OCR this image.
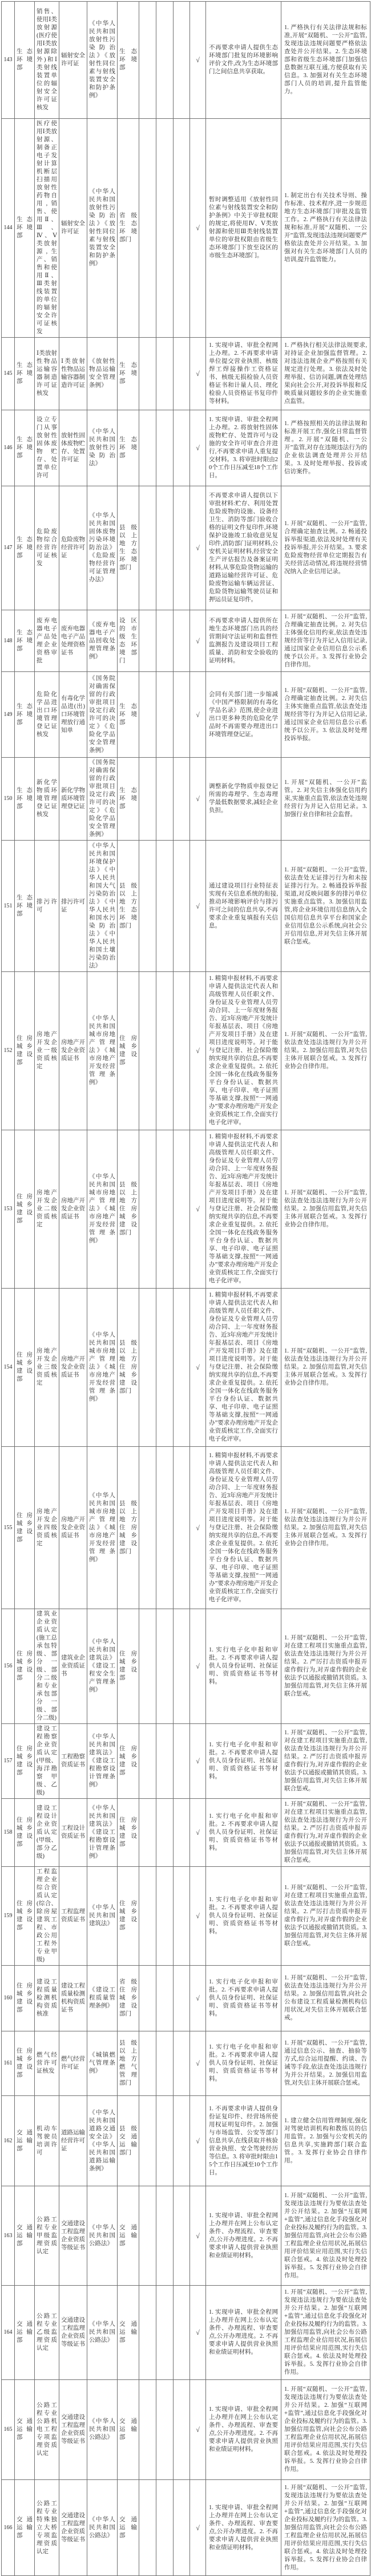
143	生态环境部	销售、使用Ⅰ类放射源(医疗使用Ⅰ类放射源除外)和Ⅰ类射线装置单位的辐射安全许可证核发	辐射安全许可证	《中华人民共和国放射性污染防治法》《放射性同位素与射线装置安全和防护条例》	生态环境部				√	不再要求申请人提供生态环境部门批复的环境影响评价文件,改为生态环境部门之间信息共享获取。	1. 严格执行有关法律法规和标准,开展“双随机、一公开”监管,发现违法违规问题要严格依法查处并公开结果。2. 生态环境部和省级生态环境部门加强信息数据互联互通,方便获取有关信息。3. 加强对有关生态环境部门人员的培训,提升监管能力。
144	生态环境部	医疗使用Ⅰ类放射源、制备正电子发射计算机断层扫描用放射性药物自用,销售、使用Ⅱ、Ⅲ、Ⅳ、Ⅴ类放射源,生产、销售和使用Ⅱ、Ⅲ类射线装置的单位的辐射安全许可证核发	辐射安全许可证	《中华人民共和国放射性污染防治法》《放射性同位素与射线装置安全和防护条例》	省级生态环境部门				√	暂时调整适用《放射性同位素与射线装置安全和防护条例》中关于审批权限的规定,将使用Ⅳ、Ⅴ类放射源和使用Ⅲ类射线装置单位的审批权限由省级生态环境部门下放至设区的市级生态环境部门。	1. 制定出台有关技术导则、操作标准、技术程序,进一步规范地方生态环境部门审批及监管工作。2. 严格执行有关法律法规和标准,开展“双随机、一公开”监管,发现违法违规问题要严格依法查处并公开结果。3. 加强对有关生态环境部门人员的培训,提升监管能力。
145	生态环境部	Ⅰ类放射性物品运输容器制造许可证核发	Ⅰ类放射性物品运输容器制造许可证	《放射性物品运输安全管理条例》	生态环境部				√	1. 实现申请、审批全程网上办理。2. 不再要求申请单位提交营业执照、核级焊工焊接操作工资格证书、核级无损检验人员资格证书和计量人员、理化检验人员资格证书复印件等材料。	1. 严格执行相关法律法规要求,对持证企业加强监督管理。2. 对违法违规企业严格按照有关规定进行处理。3. 依法及时处理举报、信访问题,调查处理结果向社会公开,对投诉举报和反映质量问题较多的企业实施重点监管。
146	生态环境部	设立专门从事放射性固体废物贮存、处置单位许可	放射性固体废物贮存、处置许可证	《中华人民共和国放射性污染防治法》	生态环境部				√	1. 实现申请、审批全程网上办理。2. 将放射性固体废物贮存、处置许可与设施的安全许可审查合并进行,不再要求申请人重复提交材料。3. 将审批时限由20个工作日压减至18个工作日。	1. 严格按照相关的法律法规和标准开展工作,强化日常监督管理。2. 开展“双随机、一公开”监管,对存在违规违法行为的企业依法调查处理并公开结果。3. 及时处理举报、投诉或信访案件。
147	生态环境部	危险废物综合经营许可证核发	危险废物经营许可证	《中华人民共和国固体废物污染环境防治法》《危险废物经营许可证管理办法》	县级以上地方生态环境部门				√	不再要求申请人提供以下审批材料:贮存、利用处置危险废物的设施、设备经卫生、消防等部门验收合格的证明文件复印件,环境保护设施竣工验收意见复印件,消防部门证明材料,公安机关证明材料,经营安全生产评估报告及备案证明材料,从事危险货物运输的道路运输经营许可证、危险废物运输车辆运营证、危险货物运输驾驶员证和押运员证复印件。	1. 开展“双随机、一公开”监管,合理确定抽查比例。2. 畅通投诉举报渠道,依法及时处理有关投诉举报,并公开结果。3. 要求危险废物经营单位定期报告有关经营活动情况,将违规经营情况纳入企业信用记录。
148	生态环境部	废弃电器电子产品处理企业资格审批	废弃电器电子产品处理资格证书	《废弃电器电子产品回收处理管理条例》	设区的市级生态环境部门				√	不再要求申请人提供所在地生态环境部门出具的经营期间守法证明和监督性监测报告及建设项目工程质量、消防和安全验收的证明材料。	1. 开展“双随机、一公开”监管,合理确定抽查比例。2. 对失信主体强化信用约束,依法查处违规经营等行为并记入信用记录,通过国家企业信用信息公示系统予以公开。3. 发挥行业协会自律作用。
149	生态环境部	危险化学品进出口环境管理登记证核发	有毒化学品进(出)口环境管理放行通知单	《国务院对确需保留的行政审批项目设定行政许可的决定》《危险化学品安全管理条例》	生态环境部				√	会同有关部门进一步缩减《中国严格限制的有毒化学品名录》范围,使企业进出口更多种类的危险化学品时不再需要办理进出口环境管理登记证。	1. 开展“双随机、一公开”监管,合理确定抽查比例。2. 对失信主体实施重点监管,依法查处违规经营等行为并记入信用记录,通过国家企业信用信息公示系统予以公开。3. 依法及时处理投诉举报。
150	生态环境部	新化学物质环境管理登记证核发	新化学物质环境管理登记证	《国务院对确需保留的行政审批项目设定行政许可的决定》《危险化学品安全管理条例》	生态环境部				√	调整新化学物质申报登记所需的毒理学、生态毒理学最低数据要求,减轻企业负担。	1. 开展“双随机、一公开”监管。2. 对失信主体强化信用约束,实施重点监管,依法查处违规经营行为并记入信用记录。3. 加强行业自律和社会监督。
151	生态环境部	排污许可	排污许可证	《中华人民共和国环境保护法》《中华人民共和国大气污染防治法》《中华人民共和国水污染防治法》《中华人民共和国土壤污染防治法》	县级以上地方生态环境部门				√	通过建设项目行业特征表实现有关信息系统的衔接,推动环境影响评价与排污许可之间的信息共享,不再要求企业重复填报有关信息。	1. 开展“双随机、一公开”监管,依法查处无证排污行为和未按证排污行为。2. 畅通投诉举报渠道,对反映问题多的排污单位实施重点监管。3. 加强信用监管,将企业环境信用信息纳入全国信用信息共享平台和国家企业信用信息公示系统,向社会公开信用信息,并对失信主体开展联合惩戒。
152	住房城乡建设部	房地产开发企业一级资质核定	房地产开发企业资质证书	《中华人民共和国城市房地产管理法》《城市房地产开发经营管理条例》	住房城乡建设部				√	1. 精简申报材料,不再要求申请人提供法定代表人和高级管理人员任职文件、身份证及专业管理人员劳动合同、上一年度财务报告、近3年房地产开发统计年报基层表、项目《房地产开发项目手册》及在建项目进度说明等。对于能与登记注册、社会保险缴纳实现共享的信息,不再要求企业重复提供。2. 依托全国一体化在线政务服务平台身份认证、数据共享、电子印章、电子证照等基础支撑,按照“一网通办”要求办理房地产开发企业资质核定工作,全面实行电子化评审。	1. 开展“双随机、一公开”监管,依法查处违法违规行为并公开结果。2. 加强信用监管,对失信主体开展联合惩戒。3. 发挥行业协会自律作用。
153	住房城乡建设部	房地产开发企业二级资质核定	房地产开发企业资质证书	《中华人民共和国城市房地产管理法》《城市房地产开发经营管理条例》	县级以上地方住房城乡建设部门				√	1. 精简申报材料,不再要求申请人提供法定代表人和高级管理人员任职文件、身份证及专业管理人员劳动合同、上一年度财务报告、近3年房地产开发统计年报基层表、项目《房地产开发项目手册》及在建项目进度说明等。对于能与登记注册、社会保险缴纳实现共享的信息,不再要求企业重复提供。2. 依托全国一体化在线政务服务平台身份认证、数据共享、电子印章、电子证照等基础支撑,按照“一网通办”要求办理房地产开发企业资质核定工作,全面实行电子化评审。	1. 开展“双随机、一公开”监管,依法查处违法违规行为并公开结果。2. 加强信用监管,对失信主体开展联合惩戒。3. 发挥行业协会自律作用。
154	住房城乡建设部	房地产开发企业三级资质核定	房地产开发企业资质证书	《中华人民共和国城市房地产管理法》《城市房地产开发经营管理条例》	县级以上地方住房城乡建设部门				√	1. 精简申报材料,不再要求申请人提供法定代表人和高级管理人员任职文件、身份证及专业管理人员劳动合同、上一年度财务报告、近3年房地产开发统计年报基层表、项目《房地产开发项目手册》及在建项目进度说明等。对于能与登记注册、社会保险缴纳实现共享的信息,不再要求企业重复提供。2. 依托全国一体化在线政务服务平台身份认证、数据共享、电子印章、电子证照等基础支撑,按照“一网通办”要求办理房地产开发企业资质核定工作,全面实行电子化评审。	1. 开展“双随机、一公开”监管,依法查处违法违规行为并公开结果。2. 加强信用监管,对失信主体开展联合惩戒。3. 发挥行业协会自律作用。
155	住房城乡建设部	房地产开发企业四级资质核定	房地产开发企业资质证书	《中华人民共和国城市房地产管理法》《城市房地产开发经营管理条例》	县级以上地方住房城乡建设部门				√	1. 精简申报材料,不再要求申请人提供法定代表人和高级管理人员任职文件、身份证及专业管理人员劳动合同、上一年度财务报告、近3年房地产开发统计年报基层表、项目《房地产开发项目手册》及在建项目进度说明等。对于能与登记注册、社会保险缴纳实现共享的信息,不再要求企业重复提供。2. 依托全国一体化在线政务服务平台身份认证、数据共享、电子印章、电子证照等基础支撑,按照“一网通办”要求办理房地产开发企业资质核定工作,全面实行电子化评审。	1. 开展“双随机、一公开”监管,依法查处违法违规行为并公开结果。2. 加强信用监管,对失信主体开展联合惩戒。3. 发挥行业协会自律作用。
156	住房城乡建设部	建筑业企业资质认定(施工总承包特级、部分一级、部分二级和专业承包部分一级、部分二级)	建筑业企业资质证书	《中华人民共和国建筑法》《建设工程安全生产管理条例》	住房城乡建设部				√	1. 实行电子化申报和审批。2. 不再要求申请人提供人员身份证明、社保证明、资质资格证书等材料。	1. 开展“双随机、一公开”监管,对在建工程项目实施重点监管,依法查处违法违规行为并公开结果。2. 严厉打击资质申报弄虚作假行为,对弄虚作假的企业依法予以通报或撤销其资质。3. 加强信用监管,对失信主体开展联合惩戒。
157	住房城乡建设部	建设工程勘察企业资质认定(甲级、海洋勘察甲级、乙级)	工程勘察资质证书	《中华人民共和国建筑法》《建设工程勘察设计管理条例》	住房城乡建设部				√	1. 实行电子化申报和审批。2. 不再要求申请人提供人员身份证明、社保证明、资质资格证书等材料。	1. 开展“双随机、一公开”监管,对在建工程项目实施重点监管,依法查处违法违规行为并公开结果。2. 严厉打击资质申报弄虚作假行为,对弄虚作假的企业依法予以通报或撤销其资质。3. 加强信用监管,对失信主体开展联合惩戒。
158	住房城乡建设部	建设工程设计企业资质认定(甲级、部分乙级)	工程设计资质证书	《中华人民共和国建筑法》《建设工程勘察设计管理条例》	住房城乡建设部				√	1. 实行电子化申报和审批。2. 不再要求申请人提供人员身份证明、社保证明、资质资格证书等材料。	1. 开展“双随机、一公开”监管,对在建工程项目实施重点监管,依法查处违法违规行为并公开结果。2. 严厉打击资质申报弄虚作假行为,对弄虚作假的企业依法予以通报或撤销其资质。3. 加强信用监管,对失信主体开展联合惩戒。
159	住房城乡建设部	工程监理企业综合资质认定(综合、除房屋建筑工程、市政公用工程外专业甲级)	工程监理资质证书	《中华人民共和国建筑法》	住房城乡建设部				√	1. 实行电子化申报和审批。2. 不再要求申请人提供人员身份证明、社保证明、资质资格证书等材料。	1. 开展“双随机、一公开”监管,对在建工程项目实施重点监管,依法查处违法违规行为并公开结果。2. 严厉打击资质申报弄虚作假行为,对弄虚作假的企业依法予以通报或撤销其资质。3. 加强信用监管,对失信主体开展联合惩戒。
160	住房城乡建设部	建设工程质量检测机构资质核准	建设工程质量检测机构资质证书	《建设工程质量管理条例》	省级住房城乡建设部门				√	1. 实行电子化申报和审批。2. 不再要求申请人提供人员身份证明、社保证明、资质资格证书等材料。	1. 开展“双随机、一公开”监管,依法查处违法违规行为并公开结果。2. 加强信用监管,向社会公布建设工程质量检测机构信用状况,对失信主体开展联合惩戒。
161	住房城乡建设部	燃气经营许可证核发	燃气经营许可证	《城镇燃气管理条例》	县级以上地方燃气管理部门				√	1. 实行电子化申报和审批。2. 不再要求申请人提供人员身份证明、社保证明、资质资格证书等材料。	1. 开展“双随机、一公开”监管,通过信息公示、抽查、抽验等方式,综合运用提醒、约谈、告诫等手段,依法查处违法违规行为并公开结果。2. 加强信用监管,对失信主体开展联合惩戒。
162	交通运输部	机动车驾驶员培训许可	道路运输经营许可证	《中华人民共和国道路交通安全法》《中华人民共和国道路运输条例》	县级交通运输部门				√	1. 不再要求申请人提供身份证复印件、经营场所使用权证明复印件。2. 加强与市场监管、公安等部门信息共享,在线获取并核验营业执照、安全驾驶经历等信息。3. 将审批时限由15个工作日压减至10个工作日。	1. 建立健全信用管理制度,强化对驾驶培训机构和教练员的信用监管。2. 加强与公安机关的信息共享,实施跨部门联合监管。3. 发挥行业协会自律作用。
163	交通运输部	公路工程专业甲级监理资质认定	交通建设工程监理企业资质等级证书	《中华人民共和国公路法》	交通运输部				√	1. 实现申请、审批全程网上办理并在网上公布认定条件、办理流程、审查要点,公开办理进度。2. 不再要求申请人提供营业执照和业绩证明材料。	1. 开展“双随机、一公开”监管,发现违法违规行为要依法查处并公开结果。2. 加强“互联网+监管”,通过信息化手段强化对企业投标及履约行为的监管。3. 加强信用监管,向社会公布公路工程监理企业信用状况,拓展信用评价结果应用范围,实行失信联合惩戒。4. 依法及时处理投诉举报。5. 发挥行业协会自律作用。
164	交通运输部	公路工程专业乙级监理资质认定	交通建设工程监理企业资质等级证书	《中华人民共和国公路法》	交通运输部				√	1. 实现申请、审批全程网上办理并在网上公布认定条件、办理流程、审查要点,公开办理进度。2. 不再要求申请人提供营业执照和业绩证明材料。	1. 开展“双随机、一公开”监管,发现违法违规行为要依法查处并公开结果。2. 加强“互联网+监管”,通过信息化手段强化对企业投标及履约行为的监管。3. 加强信用监管,向社会公布公路工程监理企业信用状况,拓展信用评价结果应用范围,实行失信联合惩戒。4. 依法及时处理投诉举报。5. 发挥行业协会自律作用。
165	交通运输部	公路工程专业公路机电工程专项监理资质认定	交通建设工程监理企业资质等级证书	《中华人民共和国公路法》	交通运输部				√	1. 实现申请、审批全程网上办理并在网上公布认定条件、办理流程、审查要点,公开办理进度。2. 不再要求申请人提供营业执照和业绩证明材料。	1. 开展“双随机、一公开”监管,发现违法违规行为要依法查处并公开结果。2. 加强“互联网+监管”,通过信息化手段强化对企业投标及履约行为的监管。3. 加强信用监管,向社会公布公路工程监理企业信用状况,拓展信用评价结果应用范围,实行失信联合惩戒。4. 依法及时处理投诉举报。5. 发挥行业协会自律作用。
166	交通运输部	公路工程专业特殊独立大桥专项监理资质认定	交通建设工程监理企业资质等级证书	《中华人民共和国公路法》	交通运输部				√	1. 实现申请、审批全程网上办理并在网上公布认定条件、办理流程、审查要点,公开办理进度。2. 不再要求申请人提供营业执照和业绩证明材料。	1. 开展“双随机、一公开”监管,发现违法违规行为要依法查处并公开结果。2. 加强“互联网+监管”,通过信息化手段强化对企业投标及履约行为的监管。3. 加强信用监管,向社会公布公路工程监理企业信用状况,拓展信用评价结果应用范围,实行失信联合惩戒。4. 依法及时处理投诉举报。5. 发挥行业协会自律作用。
